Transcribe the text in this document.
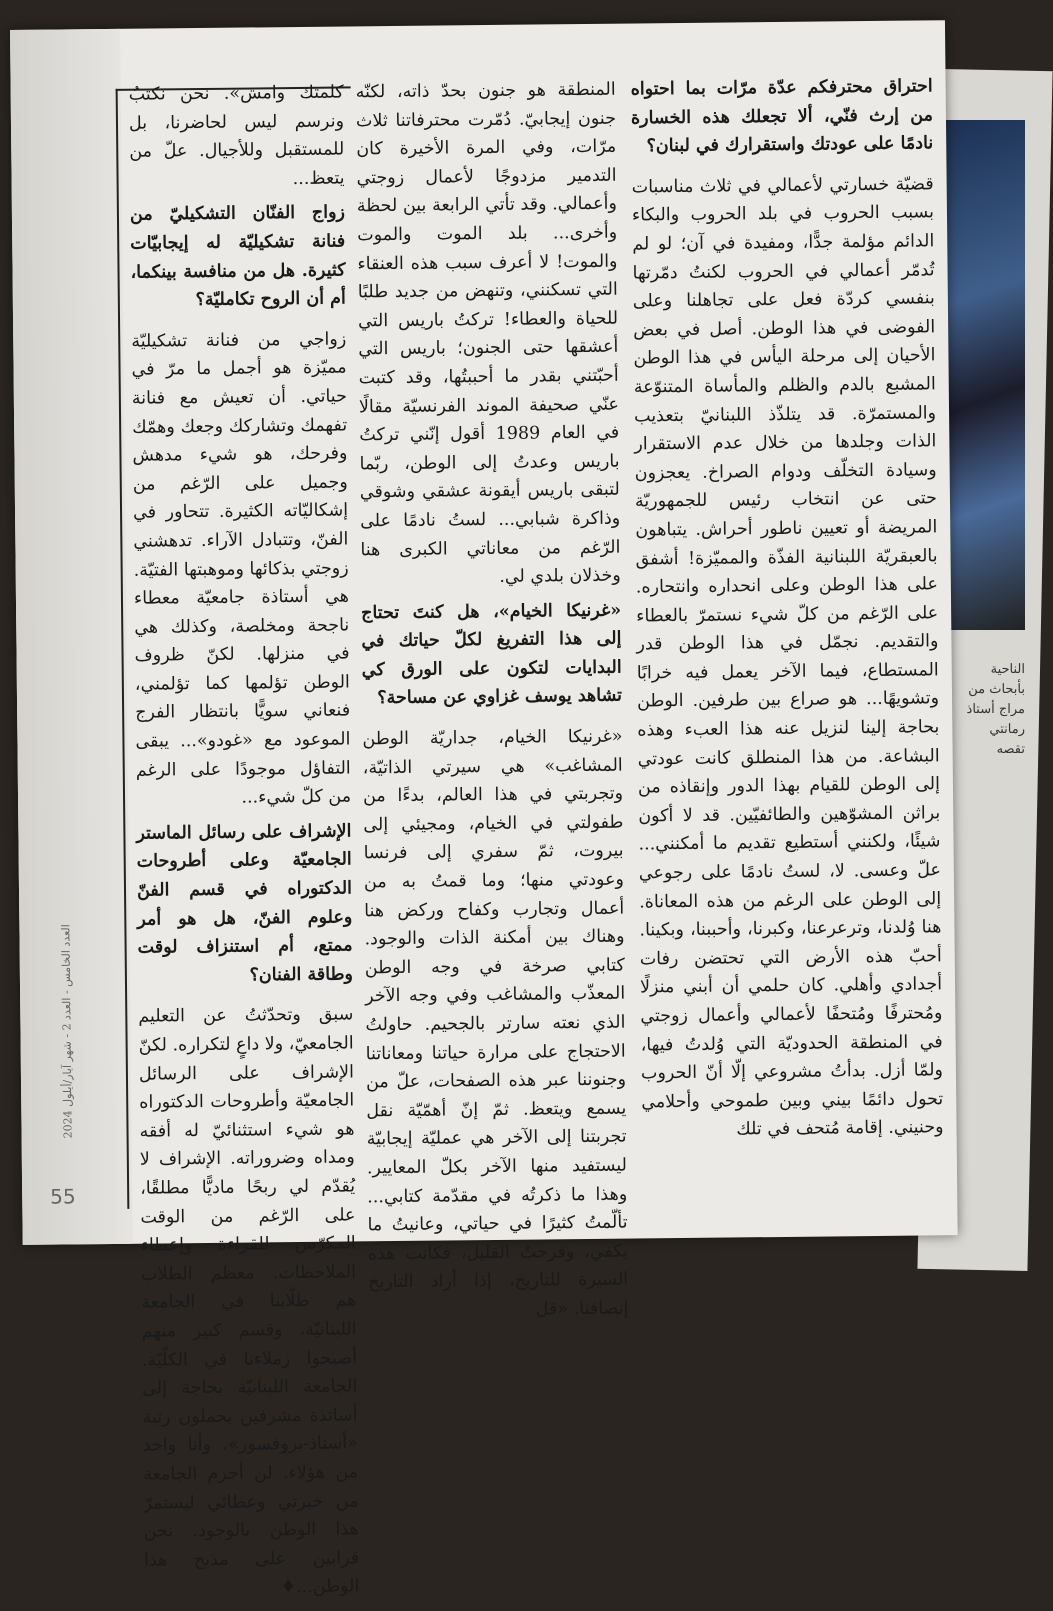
الناحية بأبحاث من مراج أستاذ رمانتي تقصه

احتراق محترفكم عدّة مرّات بما احتواه من إرث فنّي، ألا تجعلك هذه الخسارة نادمًا على عودتك واستقرارك في لبنان؟

قضيّة خسارتي لأعمالي في ثلاث مناسبات بسبب الحروب في بلد الحروب والبكاء الدائم مؤلمة جدًّا، ومفيدة في آن؛ لو لم تُدمّر أعمالي في الحروب لكنتُ دمّرتها بنفسي كردّة فعل على تجاهلنا وعلى الفوضى في هذا الوطن. أصل في بعض الأحيان إلى مرحلة اليأس في هذا الوطن المشبع بالدم والظلم والمأساة المتنوّعة والمستمرّة. قد يتلذّذ اللبنانيّ بتعذيب الذات وجلدها من خلال عدم الاستقرار وسيادة التخلّف ودوام الصراخ. يعجزون حتى عن انتخاب رئيس للجمهوريّة المريضة أو تعيين ناطور أحراش. يتباهون بالعبقريّة اللبنانية الفذّة والمميّزة! أشفق على هذا الوطن وعلى انحداره وانتحاره. على الرّغم من كلّ شيء نستمرّ بالعطاء والتقديم. نجمّل في هذا الوطن قدر المستطاع، فيما الآخر يعمل فيه خرابًا وتشويهًا... هو صراع بين طرفين. الوطن بحاجة إلينا لنزيل عنه هذا العبء وهذه البشاعة. من هذا المنطلق كانت عودتي إلى الوطن للقيام بهذا الدور وإنقاذه من براثن المشوّهين والطائفيّين. قد لا أكون شيئًا، ولكنني أستطيع تقديم ما أمكنني... علّ وعسى. لا، لستُ نادمًا على رجوعي إلى الوطن على الرغم من هذه المعاناة. هنا وُلدنا، وترعرعنا، وكبرنا، وأحببنا، وبكينا. أحبّ هذه الأرض التي تحتضن رفات أجدادي وأهلي. كان حلمي أن أبني منزلًا ومُحترفًا ومُتحفًا لأعمالي وأعمال زوجتي في المنطقة الحدوديّة التي وُلدتُ فيها، ولمّا أزل. بدأتُ مشروعي إلّا أنّ الحروب تحول دائمًا بيني وبين طموحي وأحلامي وحنيني. إقامة مُتحف في تلك

المنطقة هو جنون بحدّ ذاته، لكنّه جنون إيجابيّ. دُمّرت محترفاتنا ثلاث مرّات، وفي المرة الأخيرة كان التدمير مزدوجًا لأعمال زوجتي وأعمالي. وقد تأتي الرابعة بين لحظة وأخرى... بلد الموت والموت والموت! لا أعرف سبب هذه العنقاء التي تسكنني، وتنهض من جديد طلبًا للحياة والعطاء! تركتُ باريس التي أعشقها حتى الجنون؛ باريس التي أحبّتني بقدر ما أحببتُها، وقد كتبت عنّي صحيفة الموند الفرنسيّة مقالًا في العام 1989 أقول إنّني تركتُ باريس وعدتُ إلى الوطن، ربّما لتبقى باريس أيقونة عشقي وشوقي وذاكرة شبابي... لستُ نادمًا على الرّغم من معاناتي الكبرى هنا وخذلان بلدي لي.

«غرنيكا الخيام»، هل كنتَ تحتاج إلى هذا التفريغ لكلّ حياتك في البدايات لتكون على الورق كي تشاهد يوسف غزاوي عن مساحة؟

«غرنيكا الخيام، جداريّة الوطن المشاغب» هي سيرتي الذاتيّة، وتجربتي في هذا العالم، بدءًا من طفولتي في الخيام، ومجيئي إلى بيروت، ثمّ سفري إلى فرنسا وعودتي منها؛ وما قمتُ به من أعمال وتجارب وكفاح وركض هنا وهناك بين أمكنة الذات والوجود. كتابي صرخة في وجه الوطن المعذّب والمشاغب وفي وجه الآخر الذي نعته سارتر بالجحيم. حاولتُ الاحتجاج على مرارة حياتنا ومعاناتنا وجنوننا عبر هذه الصفحات، علّ من يسمع ويتعظ. ثمّ إنّ أهمّيّة نقل تجربتنا إلى الآخر هي عمليّة إيجابيّة ليستفيد منها الآخر بكلّ المعايير. وهذا ما ذكرتُه في مقدّمة كتابي... تألّمتُ كثيرًا في حياتي، وعانيتُ ما يكفي، وفرحتُ القليل، فكانت هذه السيرة للتاريخ، إذا أراد التاريخ إنصافنا. «قل

كلمتك وامش». نحن نكتبُ ونرسم ليس لحاضرنا، بل للمستقبل وللأجيال. علّ من يتعظ...

زواج الفنّان التشكيليّ من فنانة تشكيليّة له إيجابيّات كثيرة. هل من منافسة بينكما، أم أن الروح تكامليّة؟

زواجي من فنانة تشكيليّة مميّزة هو أجمل ما مرّ في حياتي. أن تعيش مع فنانة تفهمك وتشاركك وجعك وهمّك وفرحك، هو شيء مدهش وجميل على الرّغم من إشكاليّاته الكثيرة. تتحاور في الفنّ، وتتبادل الآراء. تدهشني زوجتي بذكائها وموهبتها الفتيّة. هي أستاذة جامعيّة معطاء ناجحة ومخلصة، وكذلك هي في منزلها. لكنّ ظروف الوطن تؤلمها كما تؤلمني، فنعاني سويًّا بانتظار الفرج الموعود مع «غودو»... يبقى التفاؤل موجودًا على الرغم من كلّ شيء...

الإشراف على رسائل الماستر الجامعيّة وعلى أطروحات الدكتوراه في قسم الفنّ وعلوم الفنّ، هل هو أمر ممتع، أم استنزاف لوقت وطاقة الفنان؟

سبق وتحدّثتُ عن التعليم الجامعيّ، ولا داعٍ لتكراره. لكنّ الإشراف على الرسائل الجامعيّة وأطروحات الدكتوراه هو شيء استثنائيّ له أفقه ومداه وضروراته. الإشراف لا يُقدّم لي ربحًا ماديًّا مطلقًا، على الرّغم من الوقت المكرّس للقراءة وإعطاء الملاحظات. معظم الطلاب هم طلّابنا في الجامعة اللبنانيّة، وقسم كبير منهم أصبحوا زملاءنا في الكلّيّة. الجامعة اللبنانيّة بحاجة إلى أساتذة مشرفين يحملون رتبة «أستاذ-بروفسور»، وأنا واحد من هؤلاء. لن أحرم الجامعة من خبرتي وعطائي ليستمرّ هذا الوطن بالوجود. نحن قرابين على مذبح هذا الوطن...♦

العدد الخامس - العدد 2 - شهر آيار/أيلول 2024
55
